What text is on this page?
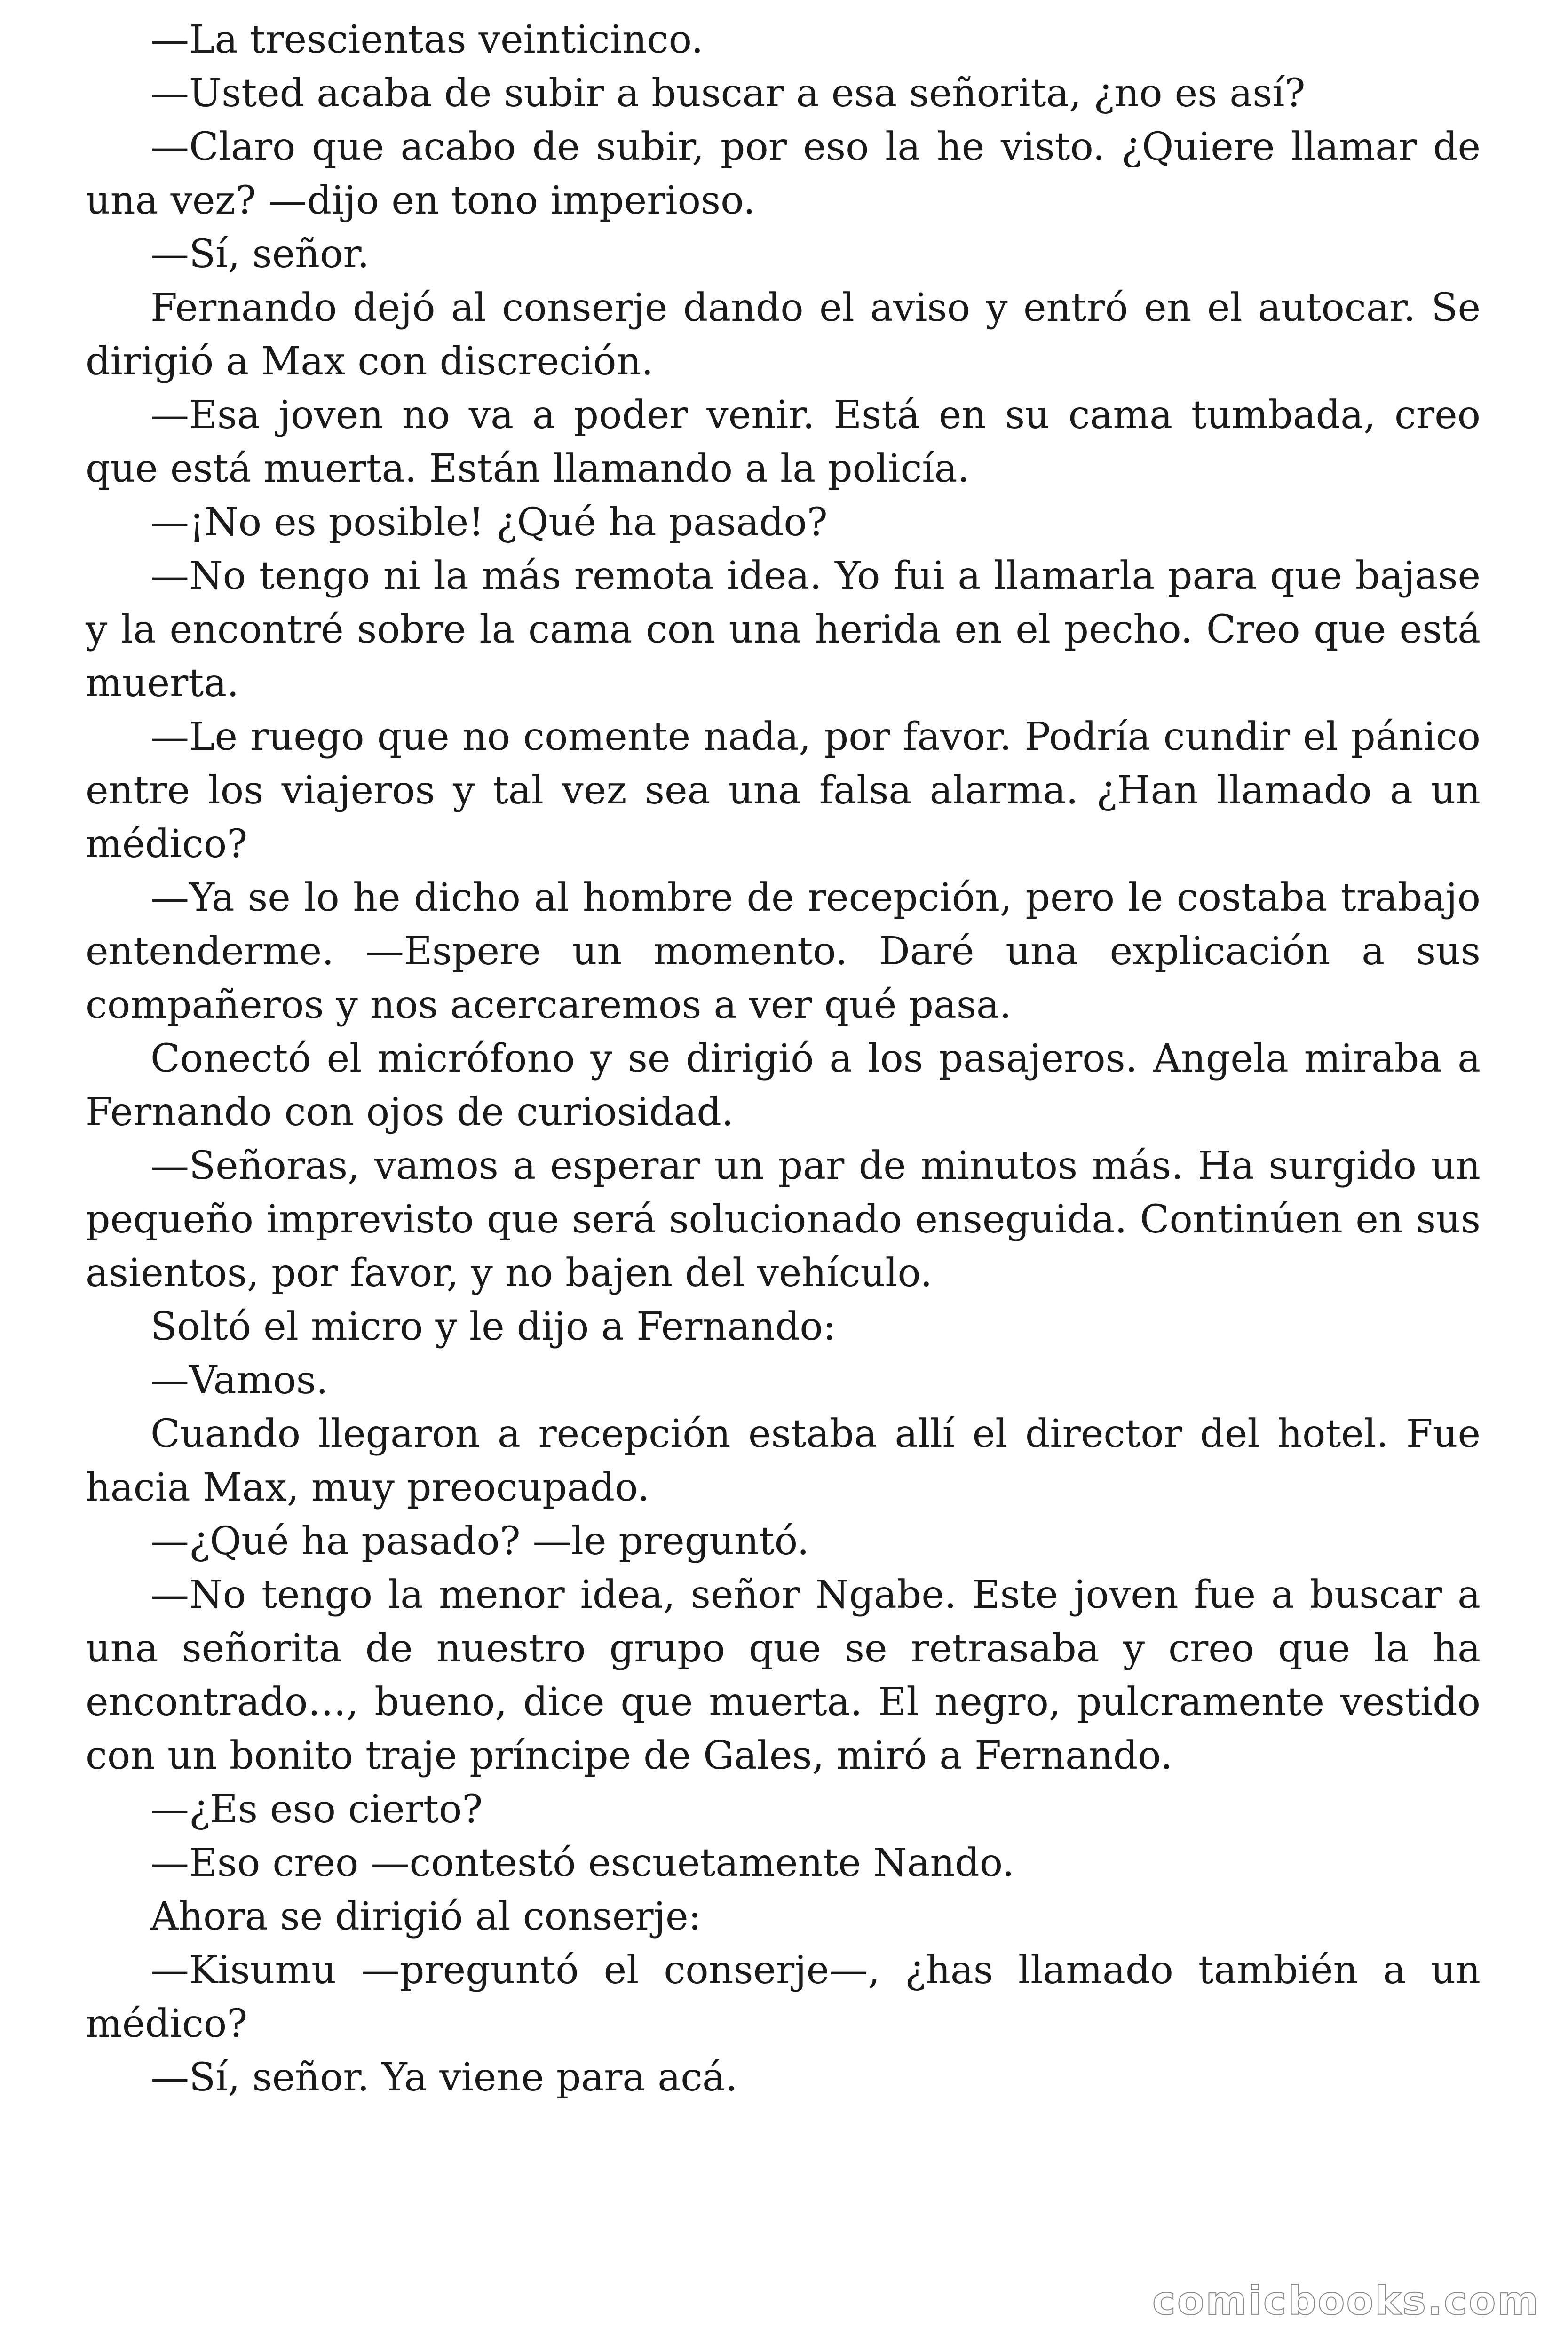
—La trescientas veinticinco.

—Usted acaba de subir a buscar a esa señorita, ¿no es así?

—Claro que acabo de subir, por eso la he visto. ¿Quiere llamar de una vez? —dijo en tono imperioso.

—Sí, señor.

Fernando dejó al conserje dando el aviso y entró en el autocar. Se dirigió a Max con discreción.

—Esa joven no va a poder venir. Está en su cama tumbada, creo que está muerta. Están llamando a la policía.

—¡No es posible! ¿Qué ha pasado?

—No tengo ni la más remota idea. Yo fui a llamarla para que bajase y la encontré sobre la cama con una herida en el pecho. Creo que está muerta.

—Le ruego que no comente nada, por favor. Podría cundir el pánico entre los viajeros y tal vez sea una falsa alarma. ¿Han llamado a un médico?

—Ya se lo he dicho al hombre de recepción, pero le costaba trabajo entenderme. —Espere un momento. Daré una explicación a sus compañeros y nos acercaremos a ver qué pasa.

Conectó el micrófono y se dirigió a los pasajeros. Angela miraba a Fernando con ojos de curiosidad.

—Señoras, vamos a esperar un par de minutos más. Ha surgido un pequeño imprevisto que será solucionado enseguida. Continúen en sus asientos, por favor, y no bajen del vehículo.

Soltó el micro y le dijo a Fernando:

—Vamos.

Cuando llegaron a recepción estaba allí el director del hotel. Fue hacia Max, muy preocupado.

—¿Qué ha pasado? —le preguntó.

—No tengo la menor idea, señor Ngabe. Este joven fue a buscar a una señorita de nuestro grupo que se retrasaba y creo que la ha encontrado…, bueno, dice que muerta. El negro, pulcramente vestido con un bonito traje príncipe de Gales, miró a Fernando.

—¿Es eso cierto?

—Eso creo —contestó escuetamente Nando.

Ahora se dirigió al conserje:

—Kisumu —preguntó el conserje—, ¿has llamado también a un médico?

—Sí, señor. Ya viene para acá.

comicbooks.com
